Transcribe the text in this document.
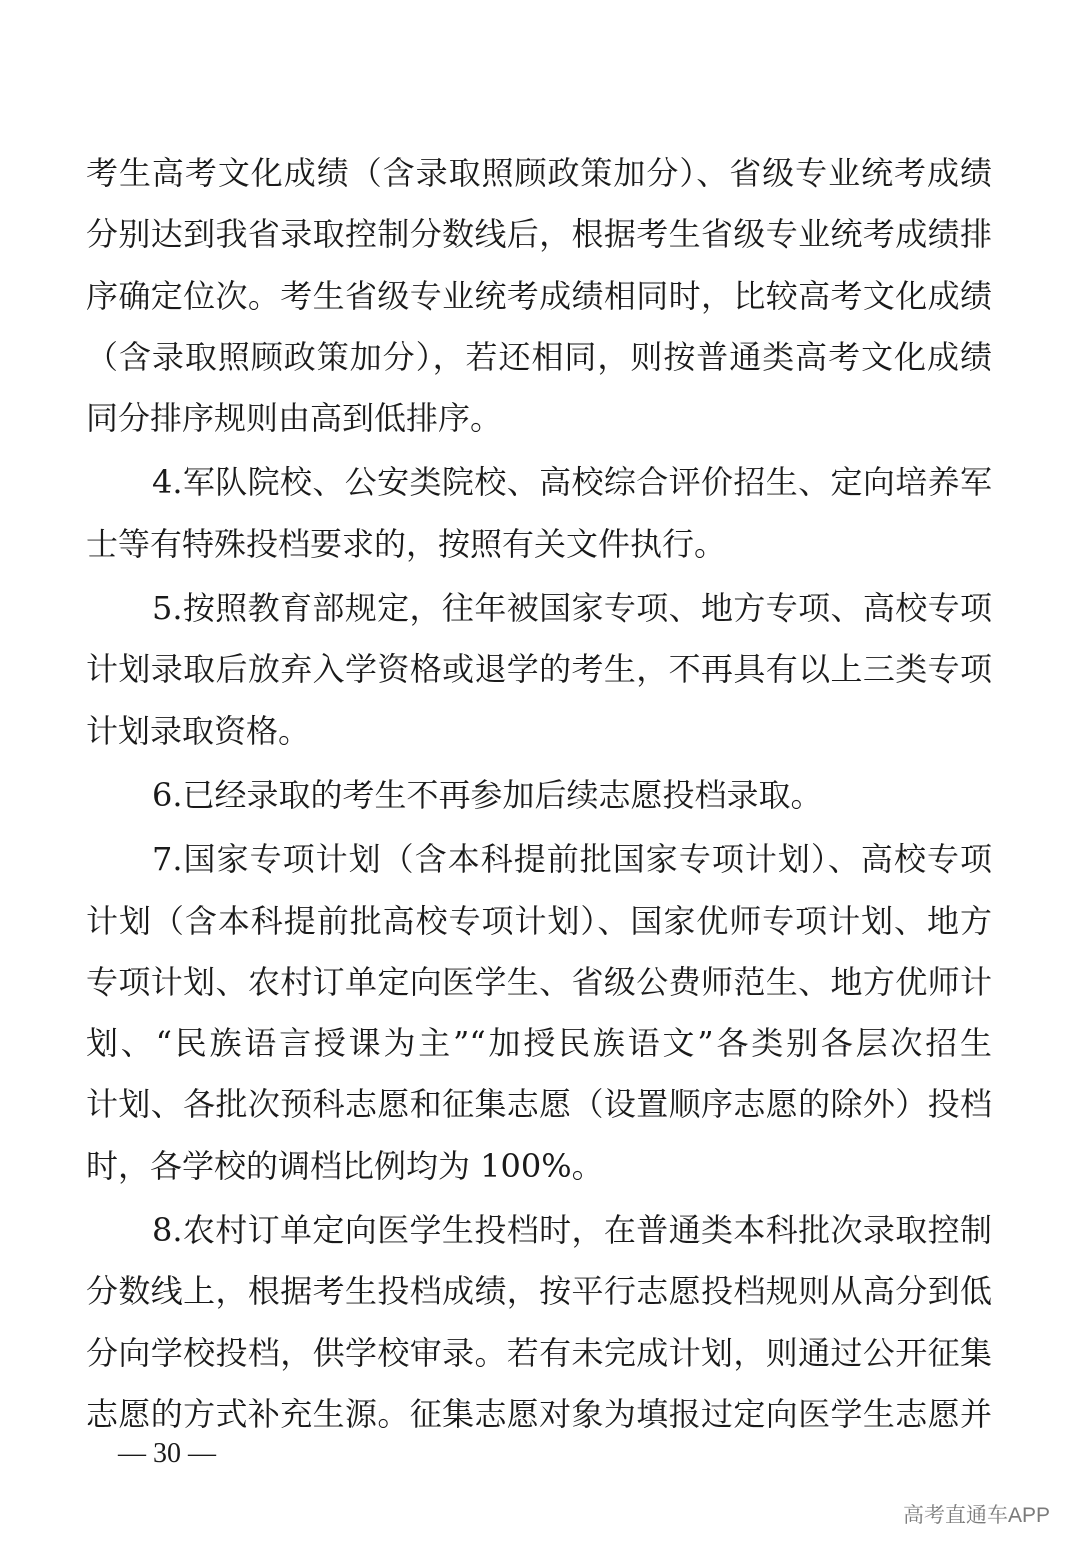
考生高考文化成绩（含录取照顾政策加分）、省级专业统考成绩
分别达到我省录取控制分数线后，根据考生省级专业统考成绩排
序确定位次。考生省级专业统考成绩相同时，比较高考文化成绩
（含录取照顾政策加分），若还相同，则按普通类高考文化成绩
同分排序规则由高到低排序。
4.军队院校、公安类院校、高校综合评价招生、定向培养军
士等有特殊投档要求的，按照有关文件执行。
5.按照教育部规定，往年被国家专项、地方专项、高校专项
计划录取后放弃入学资格或退学的考生，不再具有以上三类专项
计划录取资格。
6.已经录取的考生不再参加后续志愿投档录取。
7.国家专项计划（含本科提前批国家专项计划）、高校专项
计划（含本科提前批高校专项计划）、国家优师专项计划、地方
专项计划、农村订单定向医学生、省级公费师范生、地方优师计
划、“民族语言授课为主”“加授民族语文”各类别各层次招生
计划、各批次预科志愿和征集志愿（设置顺序志愿的除外）投档
时，各学校的调档比例均为 100%。
8.农村订单定向医学生投档时，在普通类本科批次录取控制
分数线上，根据考生投档成绩，按平行志愿投档规则从高分到低
分向学校投档，供学校审录。若有未完成计划，则通过公开征集
志愿的方式补充生源。征集志愿对象为填报过定向医学生志愿并
— 30 —
高考直通车APP
